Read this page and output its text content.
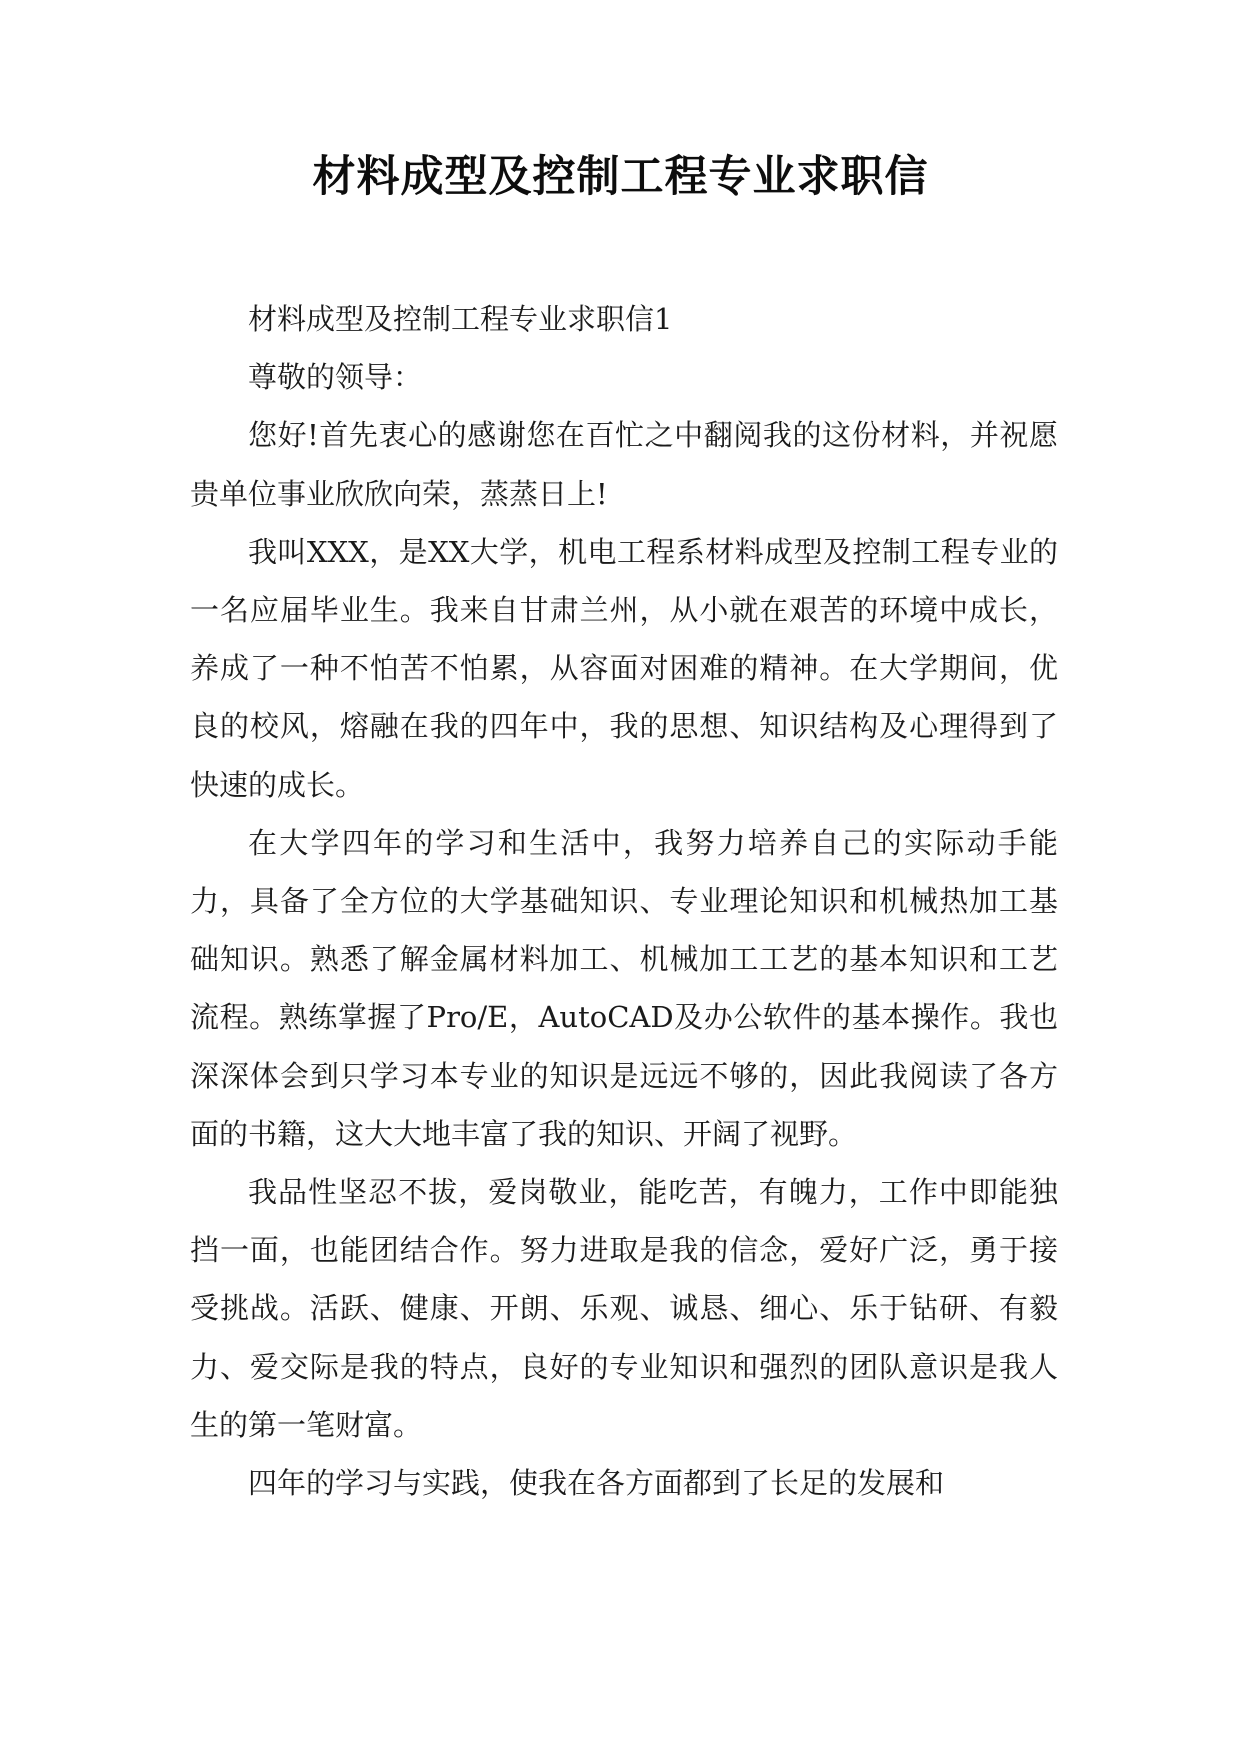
材料成型及控制工程专业求职信

材料成型及控制工程专业求职信1

尊敬的领导：

您好!首先衷心的感谢您在百忙之中翻阅我的这份材料，并祝愿贵单位事业欣欣向荣，蒸蒸日上!

我叫XXX，是XX大学，机电工程系材料成型及控制工程专业的一名应届毕业生。我来自甘肃兰州，从小就在艰苦的环境中成长，养成了一种不怕苦不怕累，从容面对困难的精神。在大学期间，优良的校风，熔融在我的四年中，我的思想、知识结构及心理得到了快速的成长。

在大学四年的学习和生活中，我努力培养自己的实际动手能力，具备了全方位的大学基础知识、专业理论知识和机械热加工基础知识。熟悉了解金属材料加工、机械加工工艺的基本知识和工艺流程。熟练掌握了Pro/E，AutoCAD及办公软件的基本操作。我也深深体会到只学习本专业的知识是远远不够的，因此我阅读了各方面的书籍，这大大地丰富了我的知识、开阔了视野。

我品性坚忍不拔，爱岗敬业，能吃苦，有魄力，工作中即能独挡一面，也能团结合作。努力进取是我的信念，爱好广泛，勇于接受挑战。活跃、健康、开朗、乐观、诚恳、细心、乐于钻研、有毅力、爱交际是我的特点，良好的专业知识和强烈的团队意识是我人生的第一笔财富。

四年的学习与实践，使我在各方面都到了长足的发展和
